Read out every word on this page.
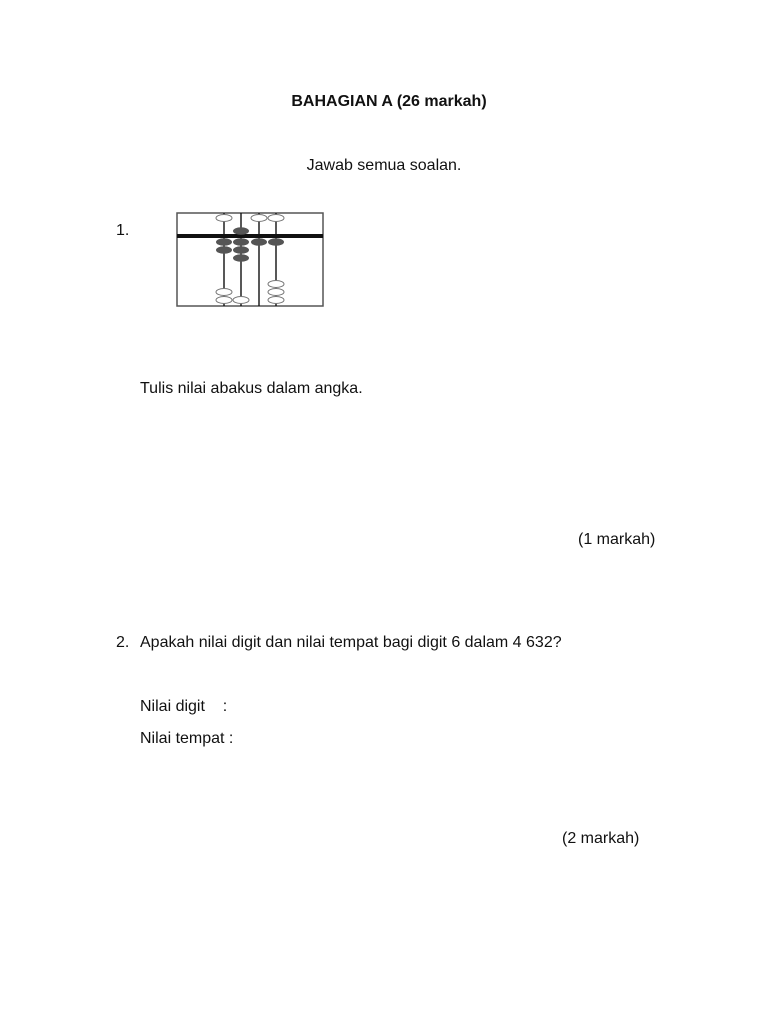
BAHAGIAN A (26 markah)
Jawab semua soalan.
1.
Tulis nilai abakus dalam angka.
(1 markah)
2. Apakah nilai digit dan nilai tempat bagi digit 6 dalam 4 632?
Nilai digit    :
Nilai tempat :
(2 markah)
